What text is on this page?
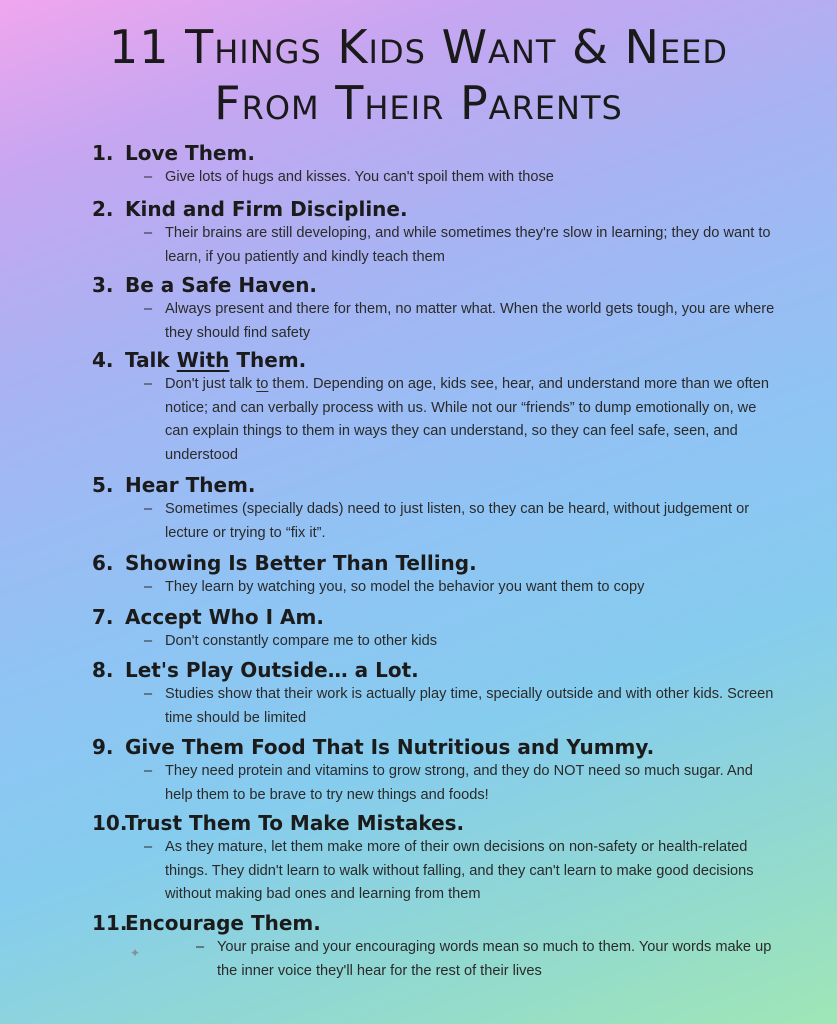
11 Things Kids Want & Need
From Their Parents
1. Love Them.
– Give lots of hugs and kisses. You can't spoil them with those
2. Kind and Firm Discipline.
– Their brains are still developing, and while sometimes they're slow in learning; they do want to learn, if you patiently and kindly teach them
3. Be a Safe Haven.
– Always present and there for them, no matter what. When the world gets tough, you are where they should find safety
4. Talk With Them.
– Don't just talk to them. Depending on age, kids see, hear, and understand more than we often notice; and can verbally process with us. While not our “friends” to dump emotionally on, we can explain things to them in ways they can understand, so they can feel safe, seen, and understood
5. Hear Them.
– Sometimes (specially dads) need to just listen, so they can be heard, without judgement or lecture or trying to “fix it”.
6. Showing Is Better Than Telling.
– They learn by watching you, so model the behavior you want them to copy
7. Accept Who I Am.
– Don't constantly compare me to other kids
8. Let's Play Outside… a Lot.
– Studies show that their work is actually play time, specially outside and with other kids. Screen time should be limited
9. Give Them Food That Is Nutritious and Yummy.
– They need protein and vitamins to grow strong, and they do NOT need so much sugar. And help them to be brave to try new things and foods!
10.
Trust Them To Make Mistakes.
– As they mature, let them make more of their own decisions on non-safety or health-related things. They didn't learn to walk without falling, and they can't learn to make good decisions without making bad ones and learning from them
11.
Encourage Them.
✦	– Your praise and your encouraging words mean so much to them. Your words make up the inner voice they'll hear for the rest of their lives
